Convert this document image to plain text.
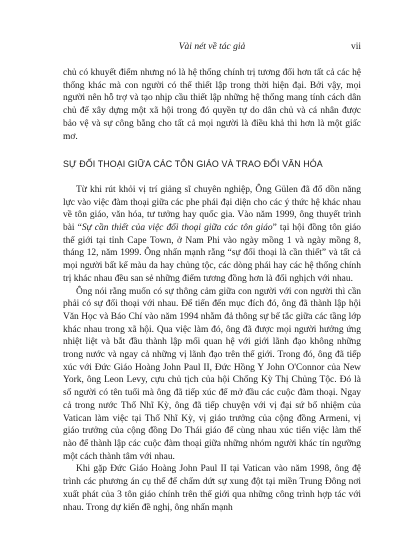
Vài nét về tác giả	vii

chủ có khuyết điểm nhưng nó là hệ thống chính trị tương đối hơn tất cả các hệ thống khác mà con người có thể thiết lập trong thời hiện đại. Bởi vậy, mọi người nên hỗ trợ và tạo nhịp cầu thiết lập những hệ thống mang tính cách dân chủ để xây dựng một xã hội trong đó quyền tự do dân chủ và cá nhân được bảo vệ và sự công bằng cho tất cả mọi người là điều khả thi hơn là một giấc mơ.

SỰ ĐỐI THOẠI GIỮA CÁC TÔN GIÁO VÀ TRAO ĐỔI VĂN HÓA

Từ khi rút khỏi vị trí giảng sĩ chuyên nghiệp, Ông Gülen đã đổ dồn năng lực vào việc đàm thoại giữa các phe phái đại diện cho các ý thức hệ khác nhau về tôn giáo, văn hóa, tư tưởng hay quốc gia. Vào năm 1999, ông thuyết trình bài “Sự cần thiết của việc đối thoại giữa các tôn giáo” tại hội đồng tôn giáo thế giới tại tỉnh Cape Town, ở Nam Phi vào ngày mồng 1 và ngày mồng 8, tháng 12, năm 1999. Ông nhấn mạnh rằng “sự đối thoại là cần thiết” và tất cả mọi người bất kể màu da hay chủng tộc, các dòng phái hay các hệ thống chính trị khác nhau đều san sẻ những điểm tương đồng hơn là đối nghịch với nhau.

Ông nói rằng muốn có sự thông cảm giữa con người với con người thì cần phải có sự đối thoại với nhau. Để tiến đến mục đích đó, ông đã thành lập hội Văn Học và Báo Chí vào năm 1994 nhằm đả thông sự bế tắc giữa các tầng lớp khác nhau trong xã hội. Qua việc làm đó, ông đã được mọi người hưởng ứng nhiệt liệt và bắt đầu thành lập mối quan hệ với giới lãnh đạo không những trong nước và ngay cả những vị lãnh đạo trên thế giới. Trong đó, ông đã tiếp xúc với Đức Giáo Hoàng John Paul II, Đức Hồng Y John O'Connor của New York, ông Leon Levy, cựu chủ tịch của hội Chống Kỳ Thị Chủng Tộc. Đó là số người có tên tuổi mà ông đã tiếp xúc để mở đầu các cuộc đàm thoại. Ngay cả trong nước Thổ Nhĩ Kỳ, ông đã tiếp chuyện với vị đại sứ bổ nhiệm của Vatican làm việc tại Thổ Nhĩ Kỳ, vị giáo trưởng của cộng đồng Armeni, vị giáo trưởng của cộng đồng Do Thái giáo để cùng nhau xúc tiến việc làm thế nào để thành lập các cuộc đàm thoại giữa những nhóm người khác tín ngưỡng một cách thành tâm với nhau.

Khi gặp Đức Giáo Hoàng John Paul II tại Vatican vào năm 1998, ông đệ trình các phương án cụ thể để chấm dứt sự xung đột tại miền Trung Đông nơi xuất phát của 3 tôn giáo chính trên thế giới qua những công trình hợp tác với nhau. Trong dự kiến đề nghị, ông nhấn mạnh
